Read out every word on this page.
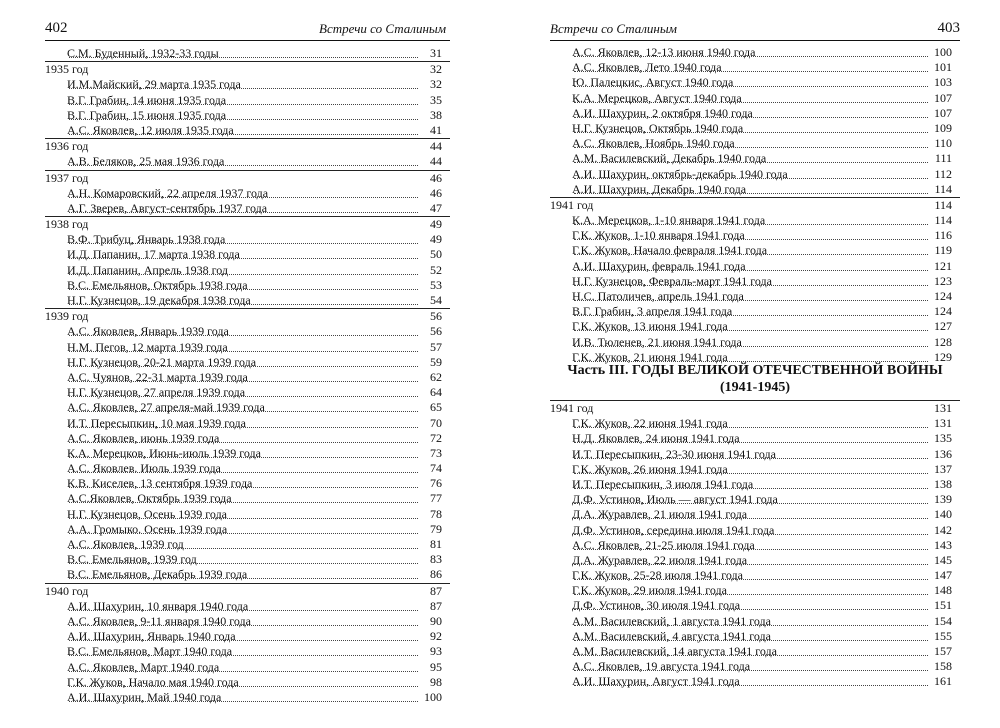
402	Встречи со Сталиным
С.М. Буденный, 1932-33 годы	31
1935 год	32
И.М.Майский, 29 марта 1935 года	32
В.Г. Грабин, 14 июня 1935 года	35
В.Г. Грабин, 15 июня 1935 года	38
А.С. Яковлев, 12 июля 1935 года	41
1936 год	44
А.В. Беляков, 25 мая 1936 года	44
1937 год	46
А.Н. Комаровский, 22 апреля 1937 года	46
А.Г. Зверев, Август-сентябрь 1937 года	47
1938 год	49
В.Ф. Трибуц, Январь 1938 года	49
И.Д. Папанин, 17 марта 1938 года	50
И.Д. Папанин, Апрель 1938 год	52
В.С. Емельянов, Октябрь 1938 года	53
Н.Г. Кузнецов, 19 декабря 1938 года	54
1939 год	56
А.С. Яковлев, Январь 1939 года	56
Н.М. Пегов, 12 марта 1939 года	57
Н.Г. Кузнецов, 20-21 марта 1939 года	59
А.С. Чуянов, 22-31 марта 1939 года	62
Н.Г. Кузнецов, 27 апреля 1939 года	64
А.С. Яковлев, 27 апреля-май 1939 года	65
И.Т. Пересыпкин, 10 мая 1939 года	70
А.С. Яковлев, июнь 1939 года	72
К.А. Мерецков, Июнь-июль 1939 года	73
А.С. Яковлев. Июль 1939 года	74
К.В. Киселев, 13 сентября 1939 года	76
А.С.Яковлев, Октябрь 1939 года	77
Н.Г. Кузнецов, Осень 1939 года	78
А.А. Громыко. Осень 1939 года	79
А.С. Яковлев, 1939 год	81
В.С. Емельянов, 1939 год	83
В.С. Емельянов, Декабрь 1939 года	86
1940 год	87
А.И. Шахурин, 10 января 1940 года	87
А.С. Яковлев, 9-11 января 1940 года	90
А.И. Шахурин, Январь 1940 года	92
В.С. Емельянов, Март 1940 года	93
А.С. Яковлев, Март 1940 года	95
Г.К. Жуков, Начало мая 1940 года	98
А.И. Шахурин, Май 1940 года	100
Встречи со Сталиным	403
А.С. Яковлев, 12-13 июня 1940 года	100
А.С. Яковлев, Лето 1940 года	101
Ю. Палецкис, Август 1940 года	103
К.А. Мерецков, Август 1940 года	107
А.И. Шахурин, 2 октября 1940 года	107
Н.Г. Кузнецов, Октябрь 1940 года	109
А.С. Яковлев, Ноябрь 1940 года	110
А.М. Василевский, Декабрь 1940 года	111
А.И. Шахурин, октябрь-декабрь 1940 года	112
А.И. Шахурин, Декабрь 1940 года	114
1941 год	114
К.А. Мерецков, 1-10 января 1941 года	114
Г.К. Жуков, 1-10 января 1941 года	116
Г.К. Жуков, Начало февраля 1941 года	119
А.И. Шахурин, февраль 1941 года	121
Н.Г. Кузнецов, Февраль-март 1941 года	123
Н.С. Патоличев, апрель 1941 года	124
В.Г. Грабин, 3 апреля 1941 года	124
Г.К. Жуков, 13 июня 1941 года	127
И.В. Тюленев, 21 июня 1941 года	128
Г.К. Жуков, 21 июня 1941 года	129
Часть III. ГОДЫ ВЕЛИКОЙ ОТЕЧЕСТВЕННОЙ ВОЙНЫ
(1941-1945)
1941 год	131
Г.К. Жуков, 22 июня 1941 года	131
Н.Д. Яковлев, 24 июня 1941 года	135
И.Т. Пересыпкин, 23-30 июня 1941 года	136
Г.К. Жуков, 26 июня 1941 года	137
И.Т. Пересыпкин, 3 июля 1941 года	138
Д.Ф. Устинов, Июль — август 1941 года	139
Д.А. Журавлев, 21 июля 1941 года	140
Д.Ф. Устинов, середина июля 1941 года	142
А.С. Яковлев, 21-25 июля 1941 года	143
Д.А. Журавлев, 22 июля 1941 года	145
Г.К. Жуков, 25-28 июля 1941 года	147
Г.К. Жуков, 29 июля 1941 года	148
Д.Ф. Устинов, 30 июля 1941 года	151
А.М. Василевский, 1 августа 1941 года	154
А.М. Василевский, 4 августа 1941 года	155
А.М. Василевский, 14 августа 1941 года	157
А.С. Яковлев, 19 августа 1941 года	158
А.И. Шахурин, Август 1941 года	161
